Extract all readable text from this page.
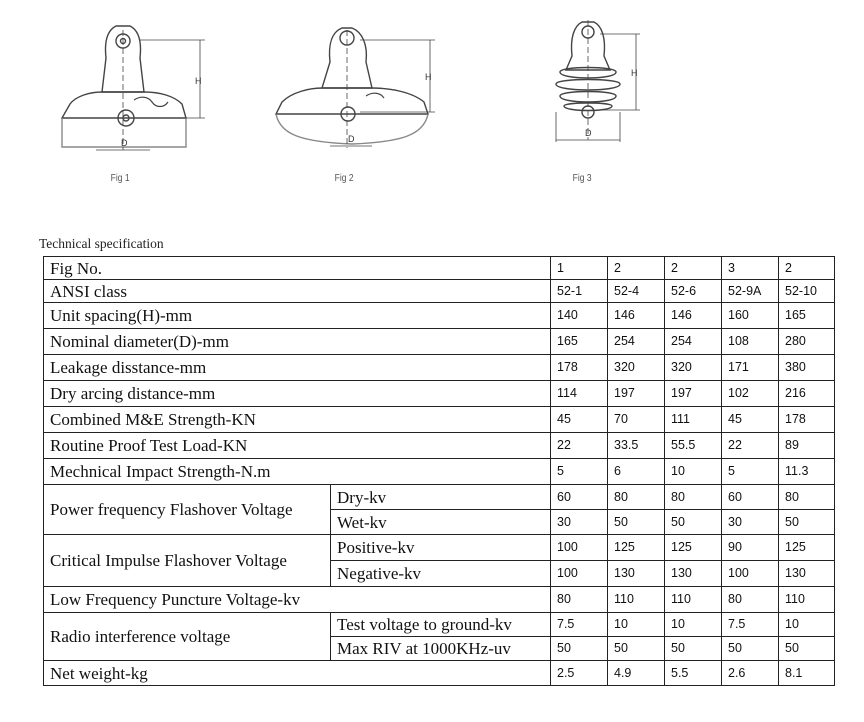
H
D
H
D
H
D
Fig 1	Fig 2	Fig 3
Technical specification
Fig No.		1	2	2	3	2
ANSI class		52-1	52-4	52-6	52-9A	52-10
Unit spacing(H)-mm		140	146	146	160	165
Nominal diameter(D)-mm		165	254	254	108	280
Leakage disstance-mm		178	320	320	171	380
Dry arcing distance-mm		114	197	197	102	216
Combined M&E Strength-KN		45	70	111	45	178
Routine Proof Test Load-KN		22	33.5	55.5	22	89
Mechnical Impact Strength-N.m		5	6	10	5	11.3
Power frequency Flashover Voltage	Dry-kv	60	80	80	60	80
	Wet-kv	30	50	50	30	50
Critical Impulse Flashover Voltage	Positive-kv	100	125	125	90	125
	Negative-kv	100	130	130	100	130
Low Frequency Puncture Voltage-kv		80	110	110	80	110
Radio interference voltage	Test voltage to ground-kv	7.5	10	10	7.5	10
	Max RIV at 1000KHz-uv	50	50	50	50	50
Net weight-kg		2.5	4.9	5.5	2.6	8.1
